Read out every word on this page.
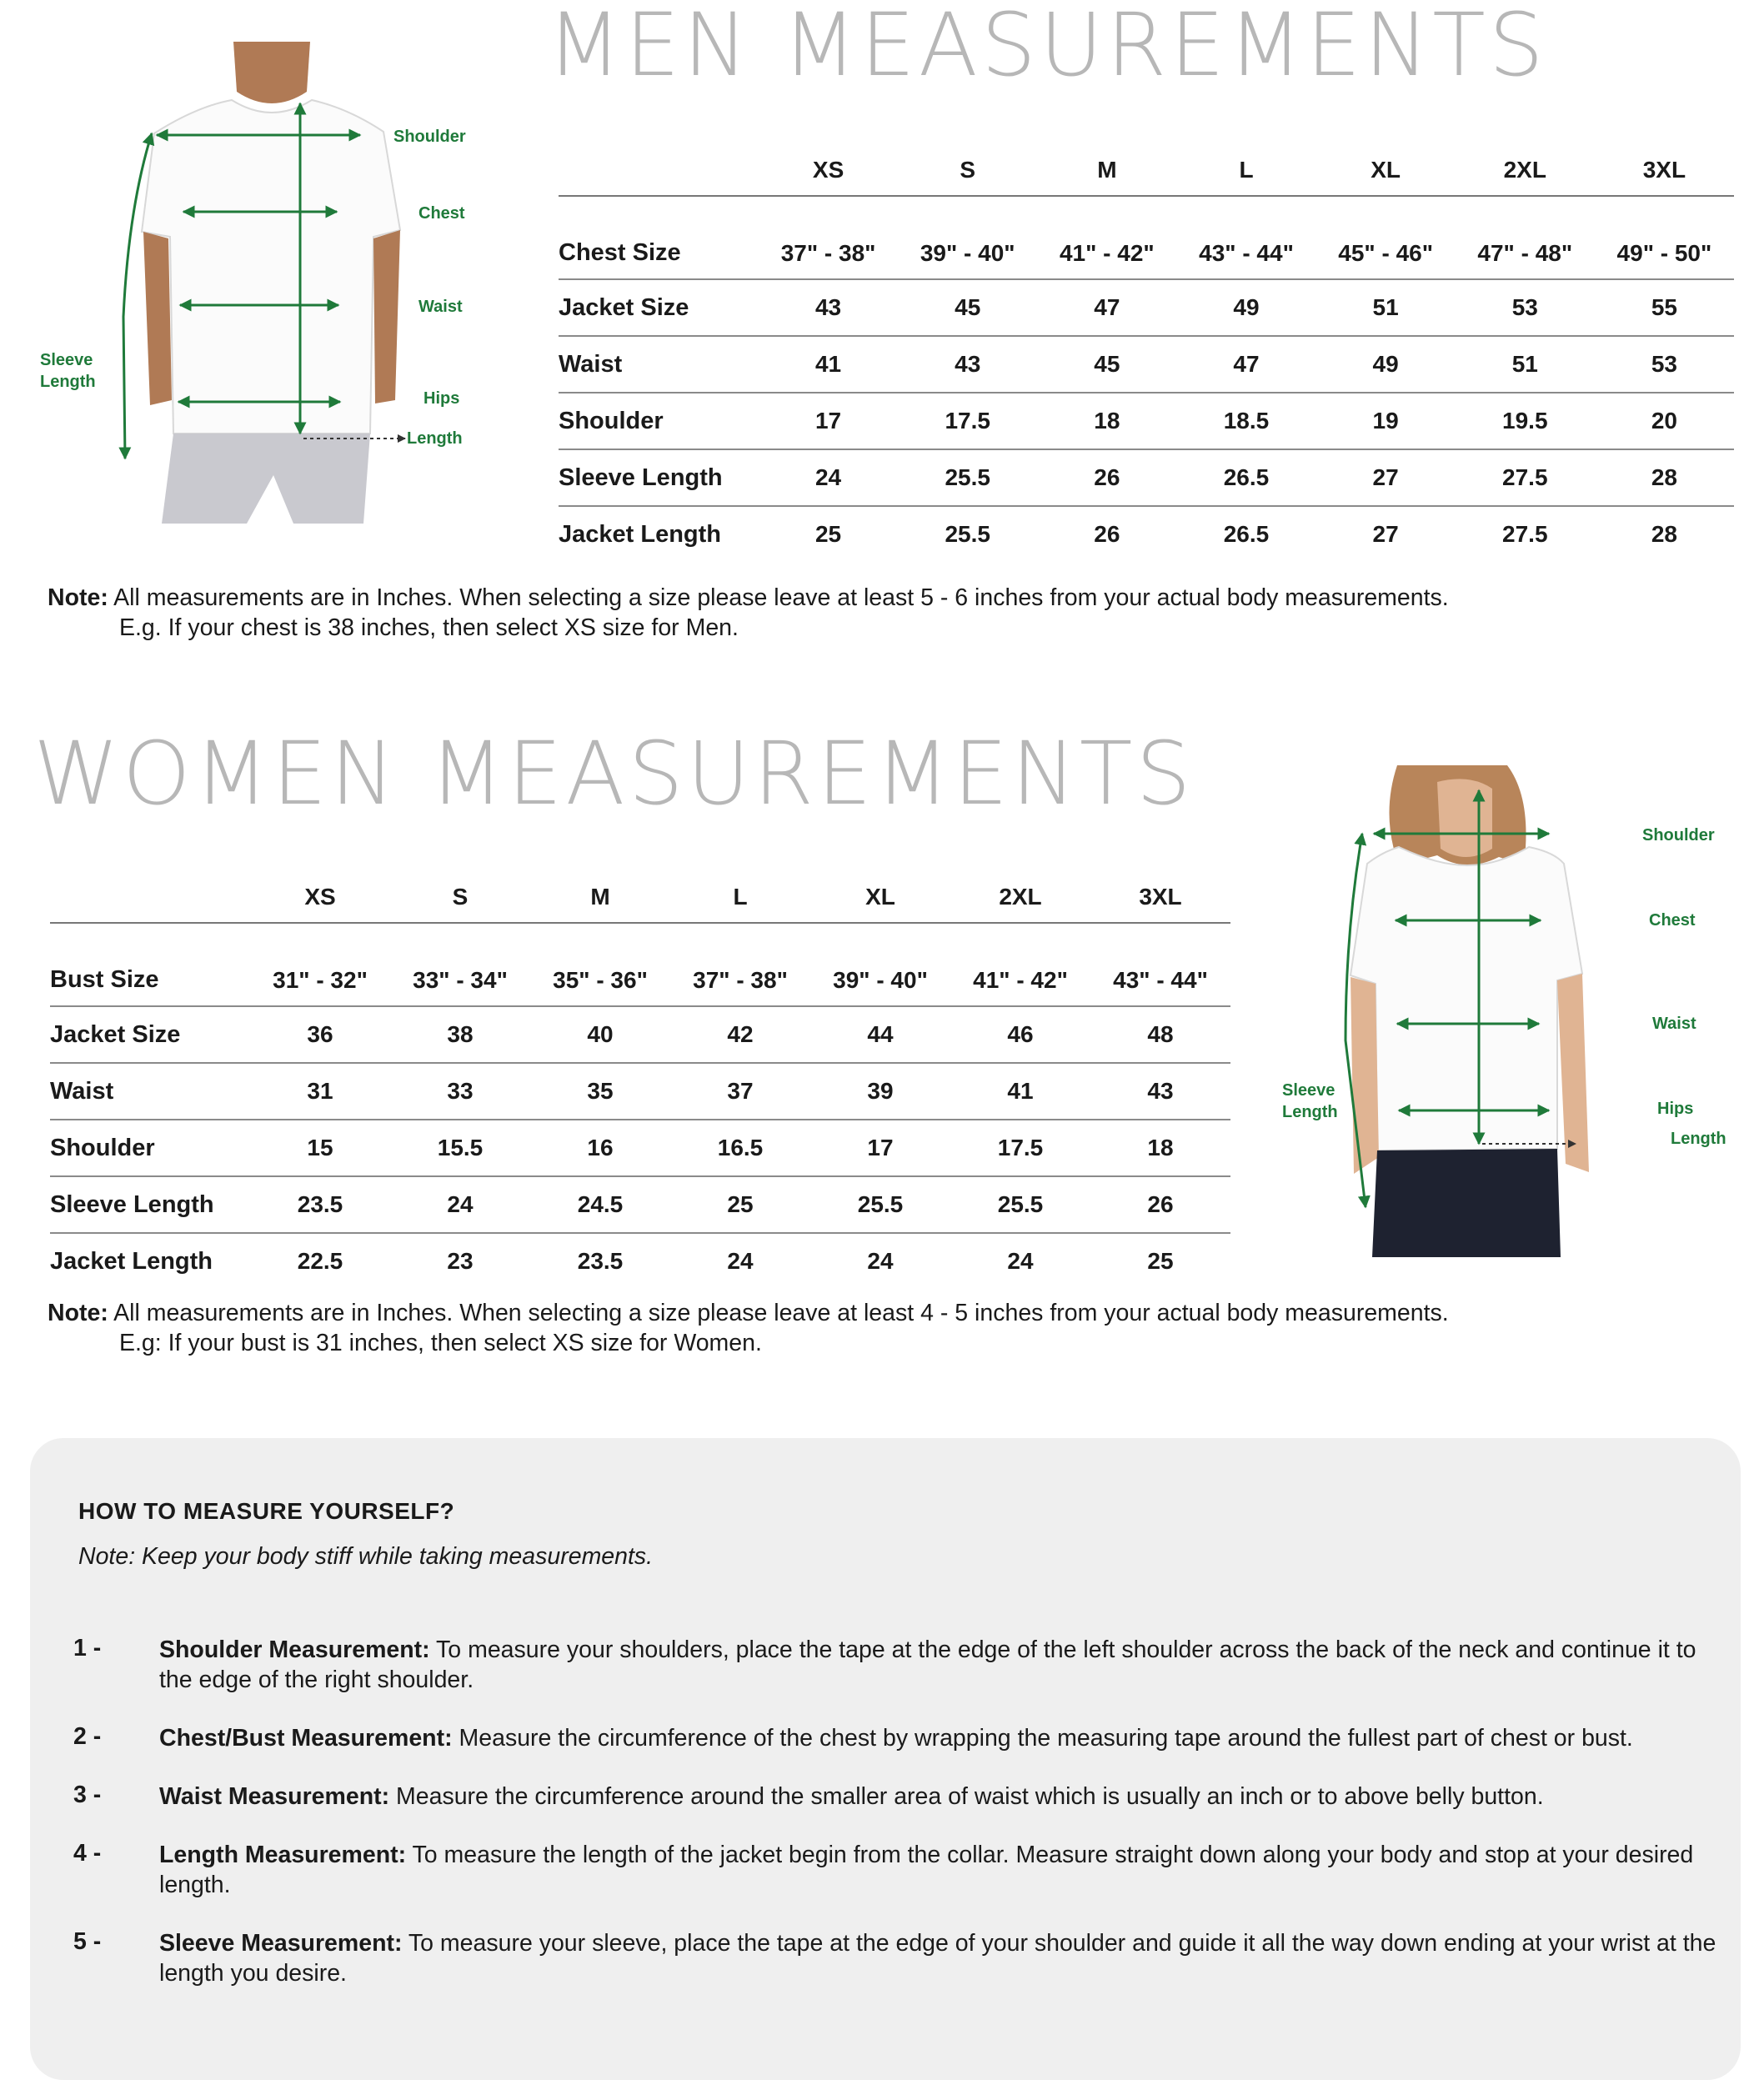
MEN MEASUREMENTS
Shoulder
Chest
Waist
Hips
Length
Sleeve
Length
	XS	S	M	L	XL	2XL	3XL
Chest Size	37" - 38"	39" - 40"	41" - 42"	43" - 44"	45" - 46"	47" - 48"	49" - 50"
Jacket Size	43	45	47	49	51	53	55
Waist	41	43	45	47	49	51	53
Shoulder	17	17.5	18	18.5	19	19.5	20
Sleeve Length	24	25.5	26	26.5	27	27.5	28
Jacket Length	25	25.5	26	26.5	27	27.5	28
Note: All measurements are in Inches. When selecting a size please leave at least 5 - 6 inches from your actual body measurements.
E.g. If your chest is 38 inches, then select XS size for Men.
WOMEN MEASUREMENTS
	XS	S	M	L	XL	2XL	3XL
Bust Size	31" - 32"	33" - 34"	35" - 36"	37" - 38"	39" - 40"	41" - 42"	43" - 44"
Jacket Size	36	38	40	42	44	46	48
Waist	31	33	35	37	39	41	43
Shoulder	15	15.5	16	16.5	17	17.5	18
Sleeve Length	23.5	24	24.5	25	25.5	25.5	26
Jacket Length	22.5	23	23.5	24	24	24	25
Shoulder
Chest
Waist
Hips
Length
Sleeve
Length
Note: All measurements are in Inches. When selecting a size please leave at least 4 - 5 inches from your actual body measurements.
E.g: If your bust is 31 inches, then select XS size for Women.
HOW TO MEASURE YOURSELF?
Note: Keep your body stiff while taking measurements.
1 - Shoulder Measurement: To measure your shoulders, place the tape at the edge of the left shoulder across the back of the neck and continue it to the edge of the right shoulder.
2 - Chest/Bust Measurement: Measure the circumference of the chest by wrapping the measuring tape around the fullest part of chest or bust.
3 - Waist Measurement: Measure the circumference around the smaller area of waist which is usually an inch or to above belly button.
4 - Length Measurement: To measure the length of the jacket begin from the collar. Measure straight down along your body and stop at your desired length.
5 - Sleeve Measurement: To measure your sleeve, place the tape at the edge of your shoulder and guide it all the way down ending at your wrist at the length you desire.
